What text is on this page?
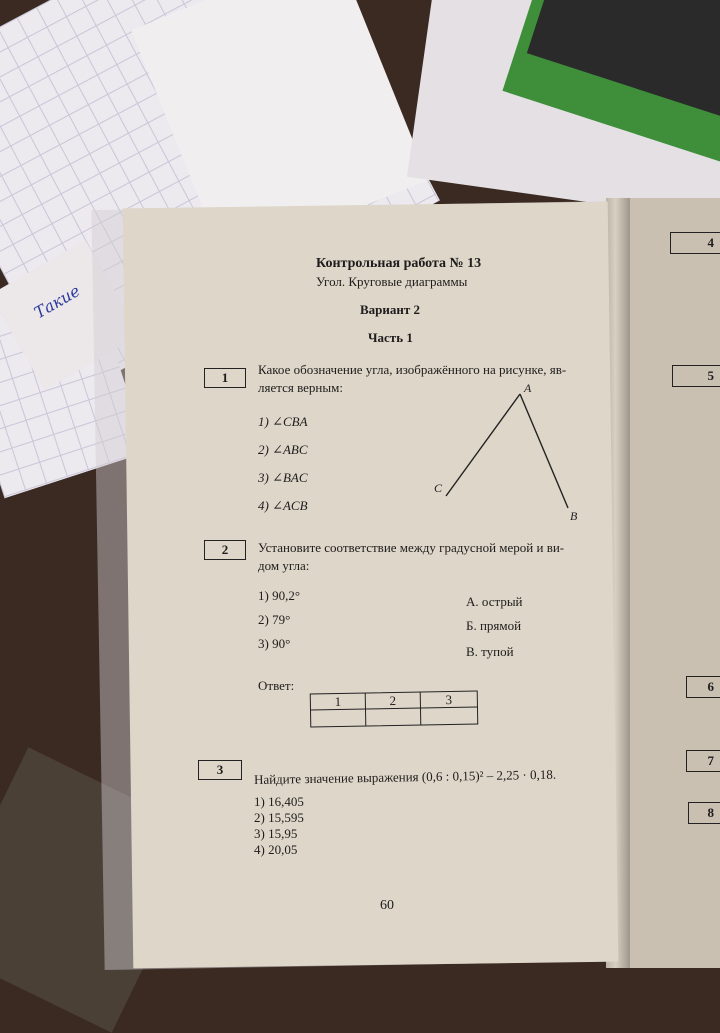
Такие
4
5
6
7
8
Контрольная работа № 13
Угол. Круговые диаграммы
Вариант 2
Часть 1
1
Какое обозначение угла, изображённого на рисунке, яв-
ляется верным:
1) ∠CBA
2) ∠ABC
3) ∠BAC
4) ∠ACB
A
C
B
2 Установите соответствие между градусной мерой и ви-
дом угла:
1) 90,2°
2) 79°
3) 90°
А. острый
Б. прямой
В. тупой
Ответ:
1	2	3
3 Найдите значение выражения (0,6 : 0,15)² – 2,25 · 0,18.
1) 16,405
2) 15,595
3) 15,95
4) 20,05
60
